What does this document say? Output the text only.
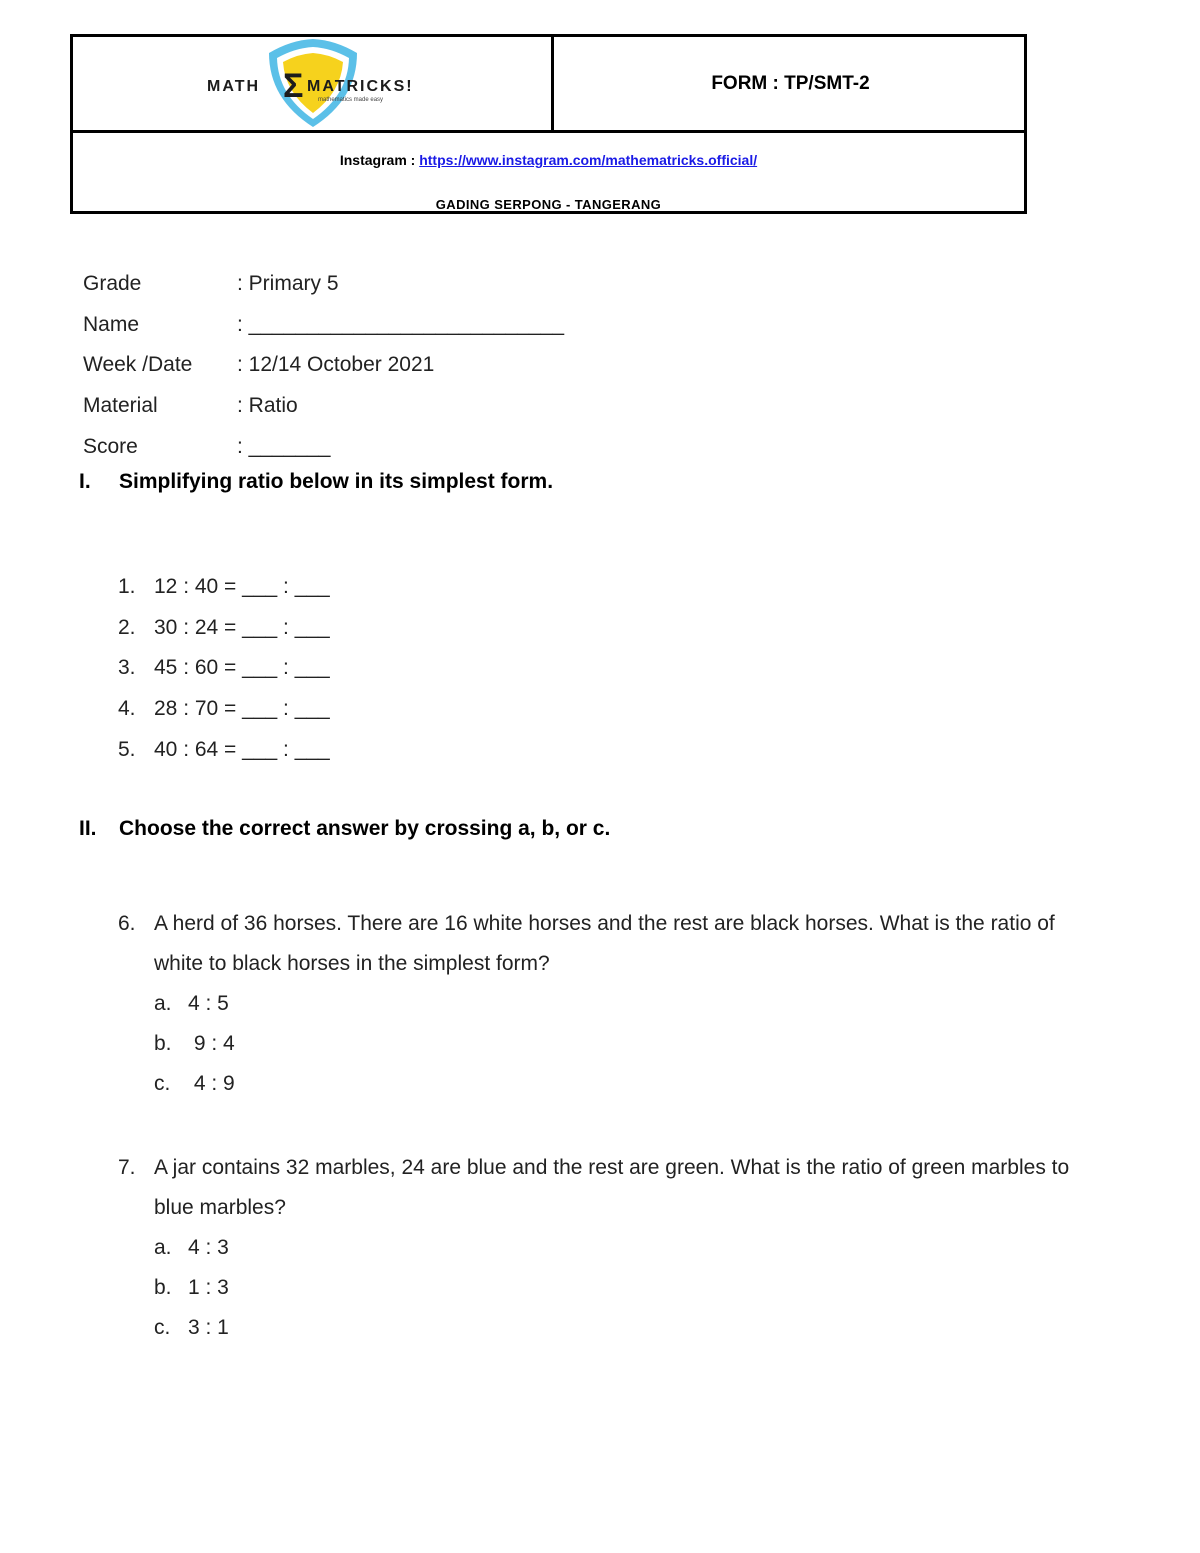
MATH Σ MATRICKS!
mathematics made easy
FORM : TP/SMT-2
Instagram : https://www.instagram.com/mathematricks.official/
GADING SERPONG - TANGERANG
Grade	: Primary 5
Name	: ___________________________
Week /Date	: 12/14 October 2021
Material	: Ratio
Score	: _______
I. Simplifying ratio below in its simplest form.
1. 12 : 40 = ___ : ___
2. 30 : 24 = ___ : ___
3. 45 : 60 = ___ : ___
4. 28 : 70 = ___ : ___
5. 40 : 64 = ___ : ___
II. Choose the correct answer by crossing a, b, or c.
6. A herd of 36 horses. There are 16 white horses and the rest are black horses. What is the ratio of white to black horses in the simplest form?
a. 4 : 5
b. 9 : 4
c. 4 : 9
7. A jar contains 32 marbles, 24 are blue and the rest are green. What is the ratio of green marbles to blue marbles?
a. 4 : 3
b. 1 : 3
c. 3 : 1
